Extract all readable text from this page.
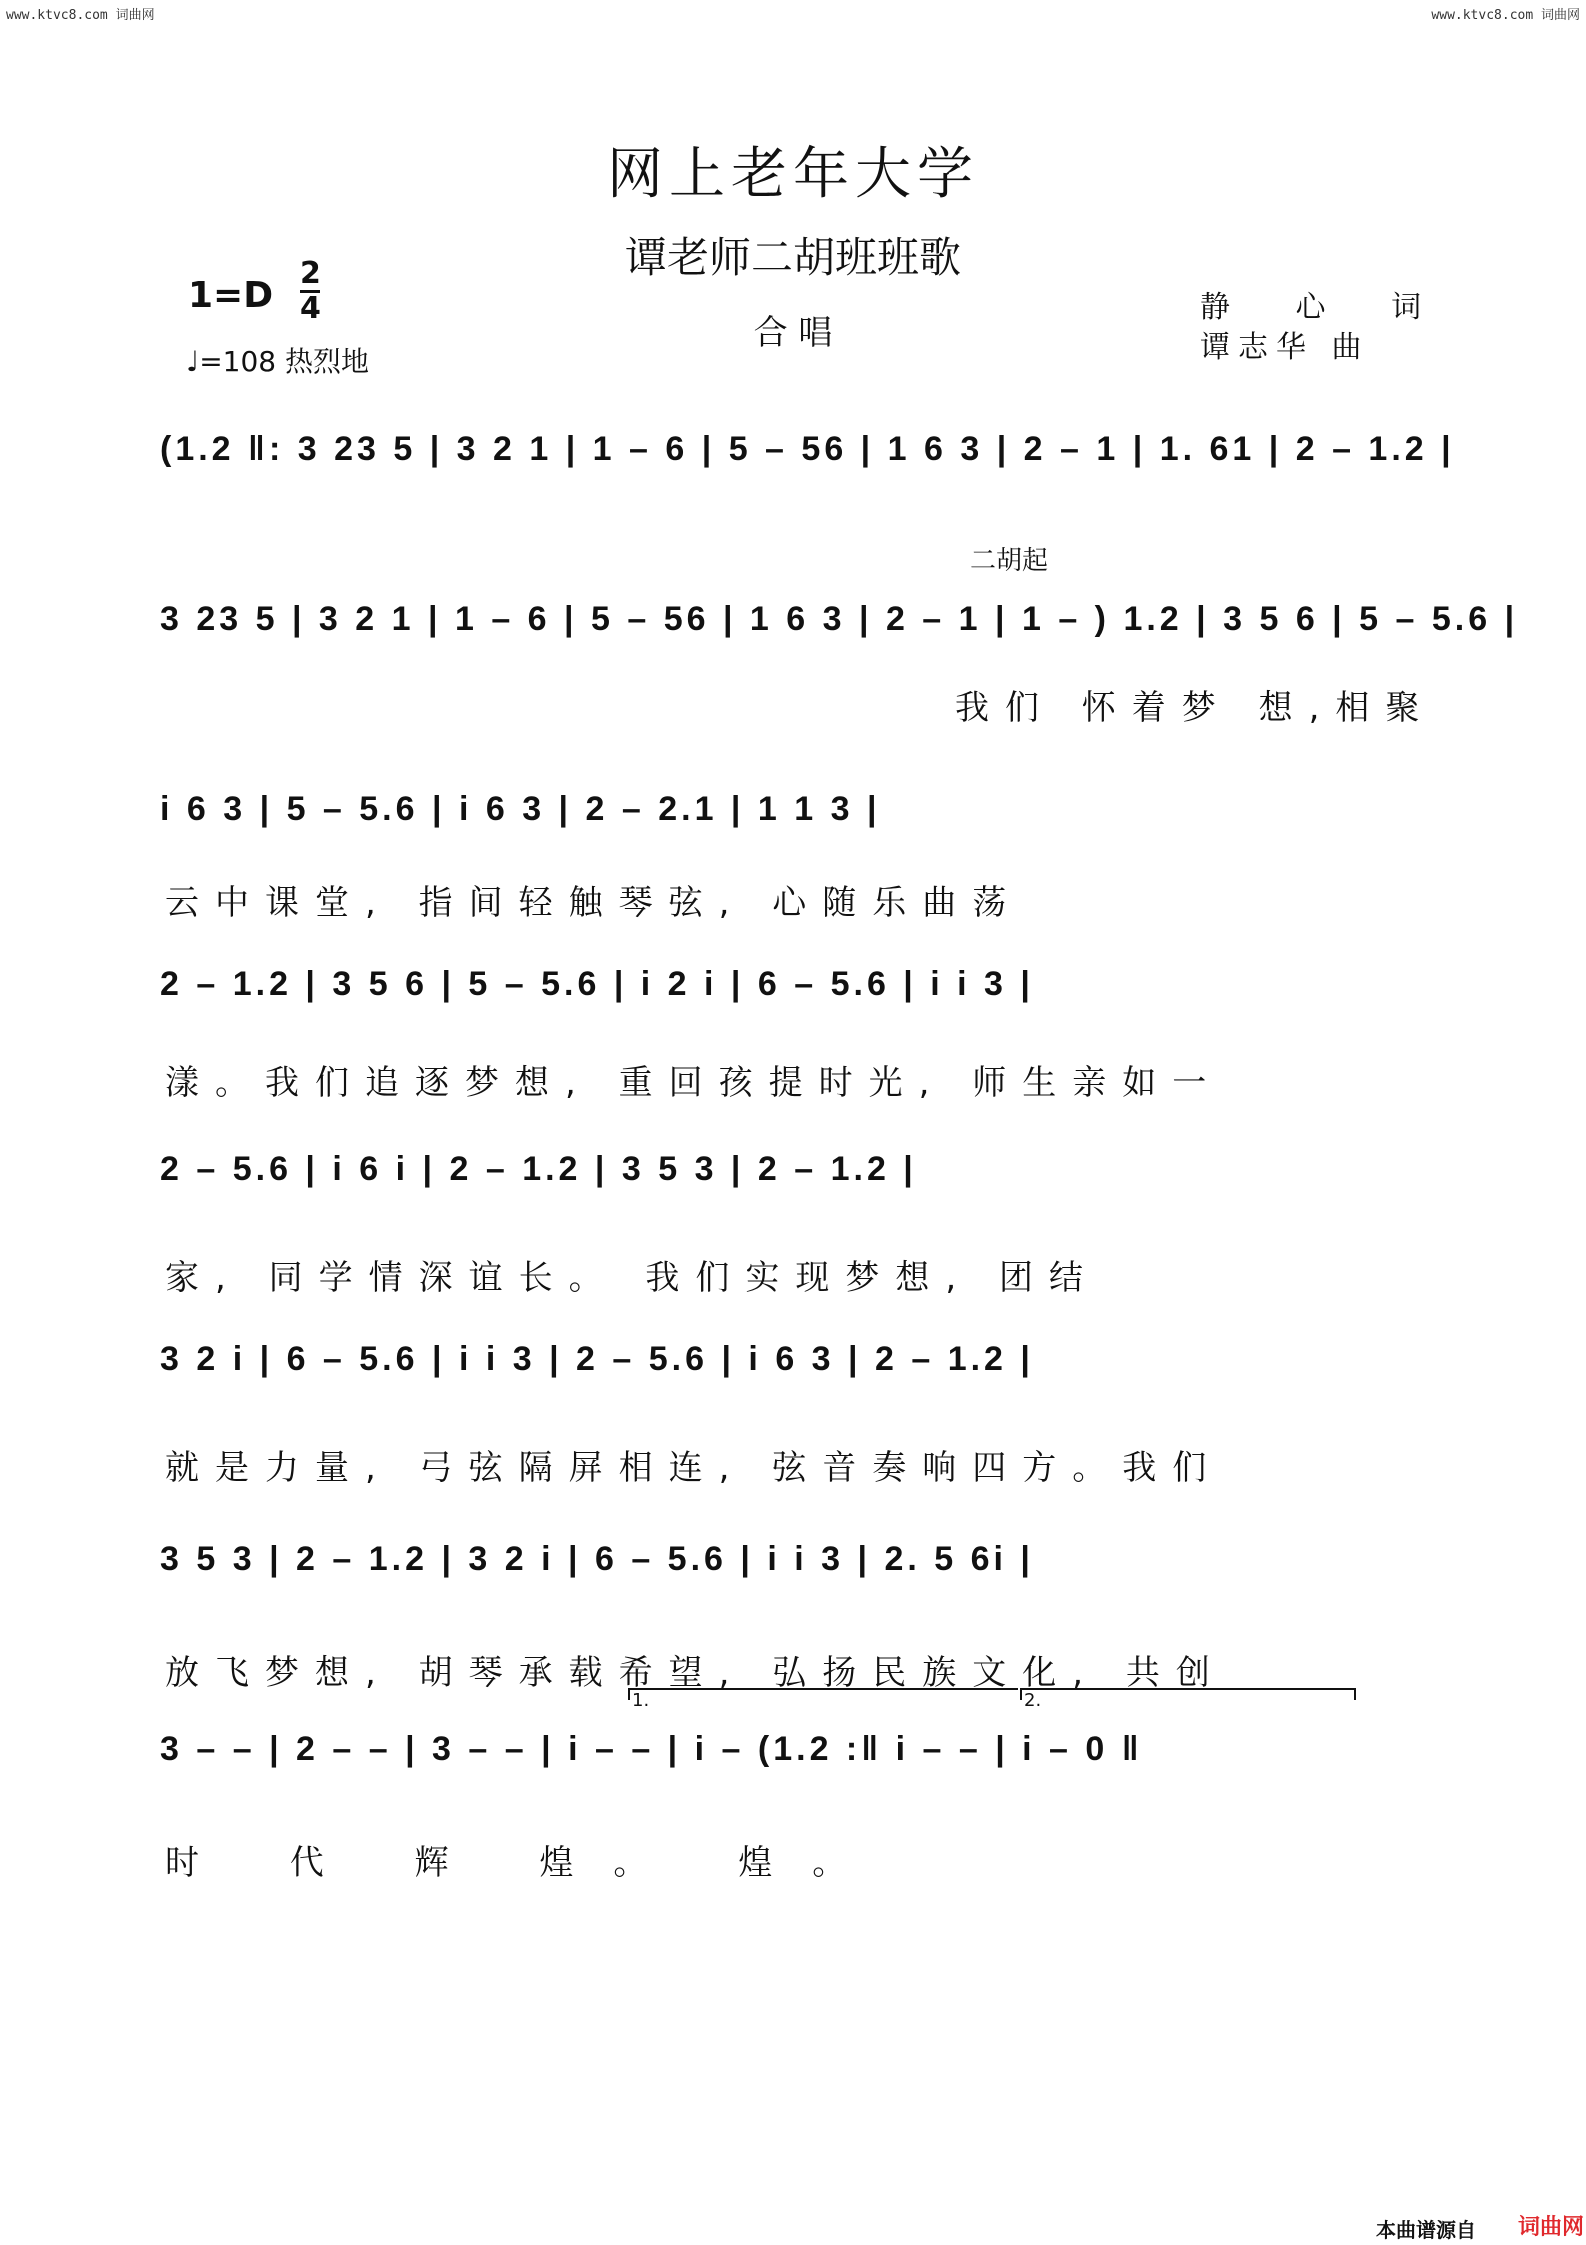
www.ktvc8.com 词曲网	www.ktvc8.com 词曲网
网上老年大学
谭老师二胡班班歌
合 唱
1=D
2
4
♩=108 热烈地
静 心 词
谭志华 曲
二胡起
(1.2 ‖: 3 23 5 | 3 2 1 | 1 – 6 | 5 – 56 | 1 6 3 | 2 – 1 | 1. 61 | 2 – 1.2 |
3 23 5 | 3 2 1 | 1 – 6 | 5 – 56 | 1 6 3 | 2 – 1 | 1 – ) 1.2 | 3 5 6 | 5 – 5.6 |
我们 怀着梦 想,相聚
i 6 3 | 5 – 5.6 | i 6 3 | 2 – 2.1 | 1 1 3 |
云中课堂, 指间轻触琴弦, 心随乐曲荡
2 – 1.2 | 3 5 6 | 5 – 5.6 | i 2 i | 6 – 5.6 | i i 3 |
漾。我们追逐梦想, 重回孩提时光, 师生亲如一
2 – 5.6 | i 6 i | 2 – 1.2 | 3 5 3 | 2 – 1.2 |
家, 同学情深谊长。 我们实现梦想, 团结
3 2 i | 6 – 5.6 | i i 3 | 2 – 5.6 | i 6 3 | 2 – 1.2 |
就是力量, 弓弦隔屏相连, 弦音奏响四方。我们
3 5 3 | 2 – 1.2 | 3 2 i | 6 – 5.6 | i i 3 | 2. 5 6i |
放飞梦想, 胡琴承载希望, 弘扬民族文化, 共创
3 – – | 2 – – | 3 – – | i – – | i – (1.2 :‖ i – – | i – 0 ‖
时 代 辉 煌。 煌。
1.	2.
本曲谱源自 词曲网
